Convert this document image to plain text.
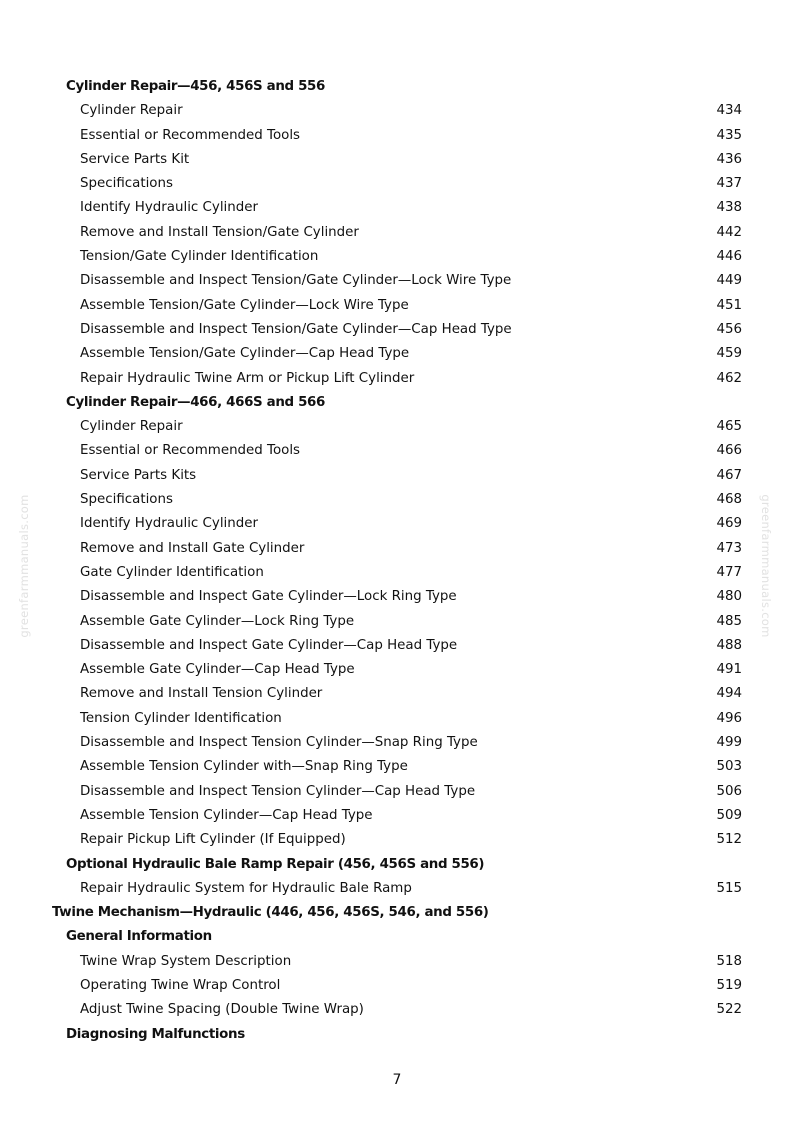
greenfarmmanuals.com	greenfarmmanuals.com
Cylinder Repair—456, 456S and 556
Cylinder Repair	434
Essential or Recommended Tools	435
Service Parts Kit	436
Specifications	437
Identify Hydraulic Cylinder	438
Remove and Install Tension/Gate Cylinder	442
Tension/Gate Cylinder Identification	446
Disassemble and Inspect Tension/Gate Cylinder—Lock Wire Type	449
Assemble Tension/Gate Cylinder—Lock Wire Type	451
Disassemble and Inspect Tension/Gate Cylinder—Cap Head Type	456
Assemble Tension/Gate Cylinder—Cap Head Type	459
Repair Hydraulic Twine Arm or Pickup Lift Cylinder	462
Cylinder Repair—466, 466S and 566
Cylinder Repair	465
Essential or Recommended Tools	466
Service Parts Kits	467
Specifications	468
Identify Hydraulic Cylinder	469
Remove and Install Gate Cylinder	473
Gate Cylinder Identification	477
Disassemble and Inspect Gate Cylinder—Lock Ring Type	480
Assemble Gate Cylinder—Lock Ring Type	485
Disassemble and Inspect Gate Cylinder—Cap Head Type	488
Assemble Gate Cylinder—Cap Head Type	491
Remove and Install Tension Cylinder	494
Tension Cylinder Identification	496
Disassemble and Inspect Tension Cylinder—Snap Ring Type	499
Assemble Tension Cylinder with—Snap Ring Type	503
Disassemble and Inspect Tension Cylinder—Cap Head Type	506
Assemble Tension Cylinder—Cap Head Type	509
Repair Pickup Lift Cylinder (If Equipped)	512
Optional Hydraulic Bale Ramp Repair (456, 456S and 556)
Repair Hydraulic System for Hydraulic Bale Ramp	515
Twine Mechanism—Hydraulic (446, 456, 456S, 546, and 556)
General Information
Twine Wrap System Description	518
Operating Twine Wrap Control	519
Adjust Twine Spacing (Double Twine Wrap)	522
Diagnosing Malfunctions
7
